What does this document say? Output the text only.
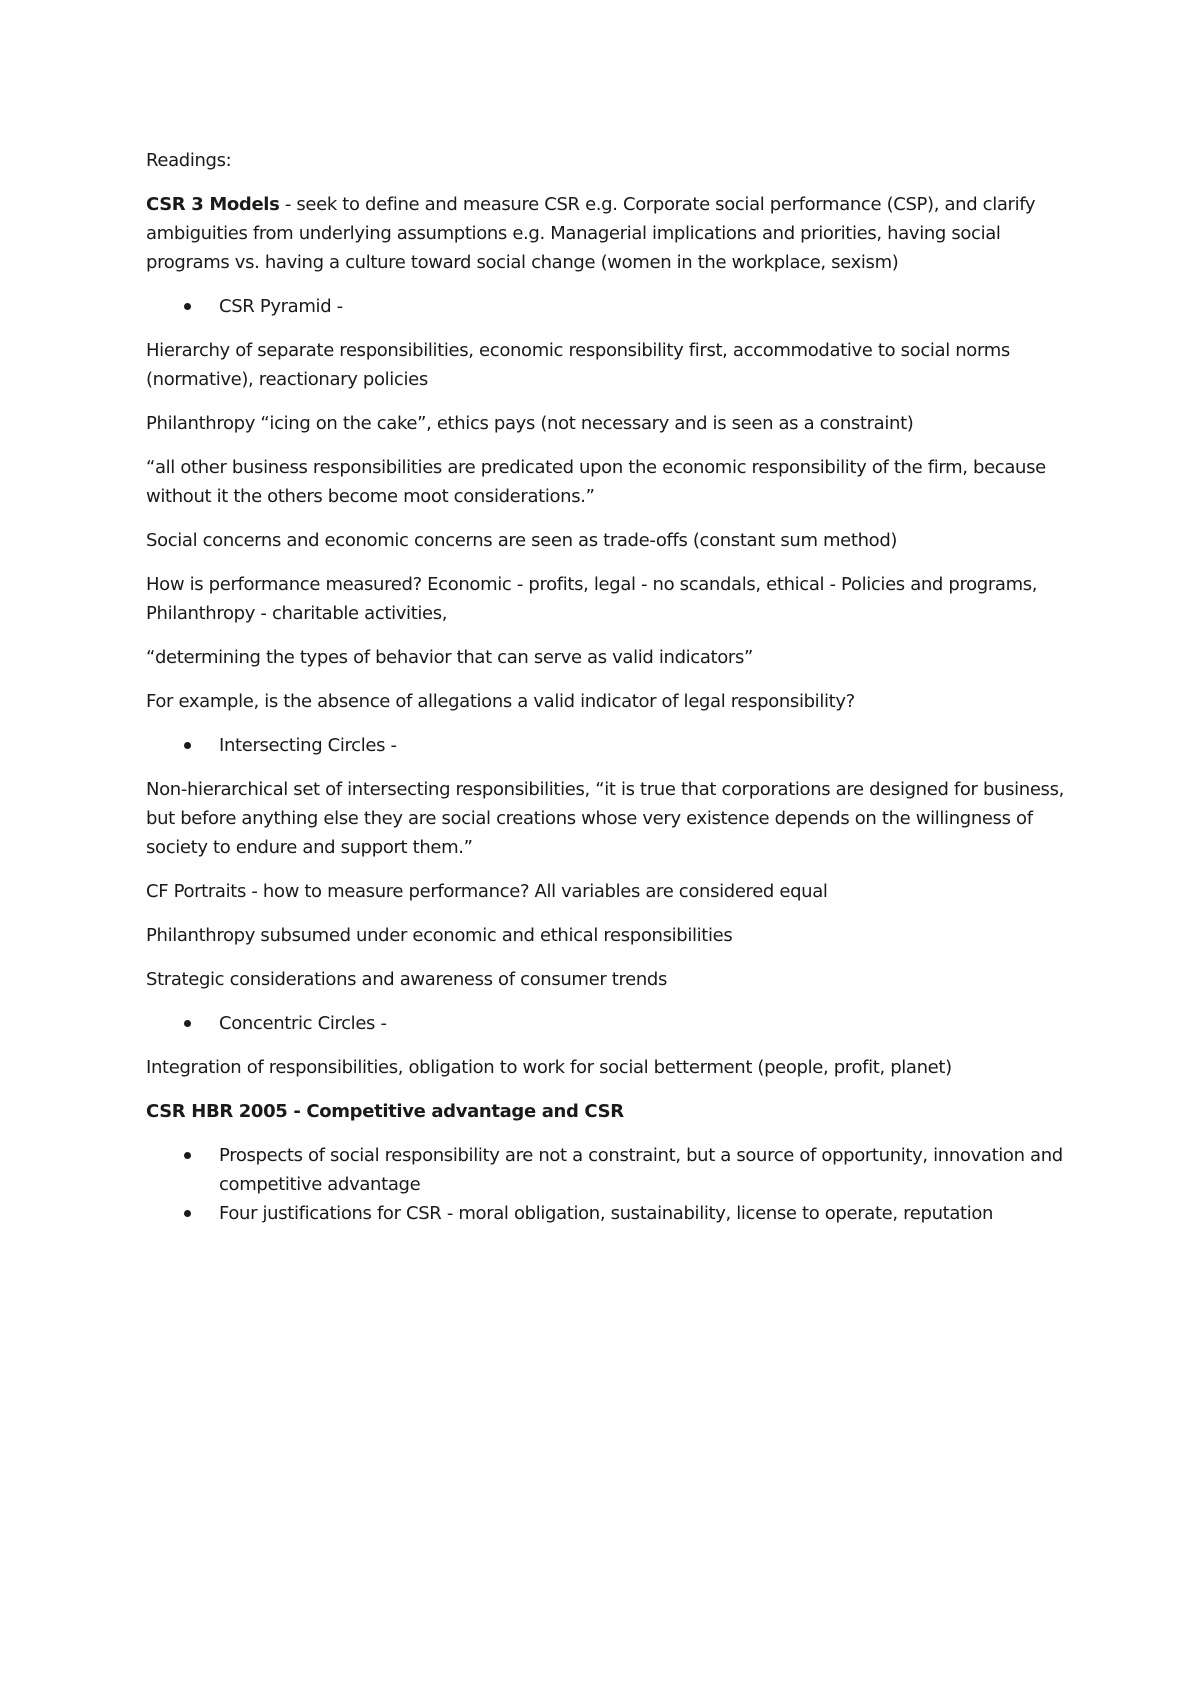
Readings:

CSR 3 Models - seek to define and measure CSR e.g. Corporate social performance (CSP), and clarify ambiguities from underlying assumptions e.g. Managerial implications and priorities, having social programs vs. having a culture toward social change (women in the workplace, sexism)

CSR Pyramid -

Hierarchy of separate responsibilities, economic responsibility first, accommodative to social norms (normative), reactionary policies

Philanthropy “icing on the cake”, ethics pays (not necessary and is seen as a constraint)

“all other business responsibilities are predicated upon the economic responsibility of the firm, because without it the others become moot considerations.”

Social concerns and economic concerns are seen as trade-offs (constant sum method)

How is performance measured? Economic - profits, legal - no scandals, ethical - Policies and programs, Philanthropy - charitable activities,

“determining the types of behavior that can serve as valid indicators”

For example, is the absence of allegations a valid indicator of legal responsibility?

Intersecting Circles -

Non-hierarchical set of intersecting responsibilities, “it is true that corporations are designed for business, but before anything else they are social creations whose very existence depends on the willingness of society to endure and support them.”

CF Portraits - how to measure performance? All variables are considered equal

Philanthropy subsumed under economic and ethical responsibilities

Strategic considerations and awareness of consumer trends

Concentric Circles -

Integration of responsibilities, obligation to work for social betterment (people, profit, planet)

CSR HBR 2005 - Competitive advantage and CSR

Prospects of social responsibility are not a constraint, but a source of opportunity, innovation and competitive advantage
Four justifications for CSR - moral obligation, sustainability, license to operate, reputation
